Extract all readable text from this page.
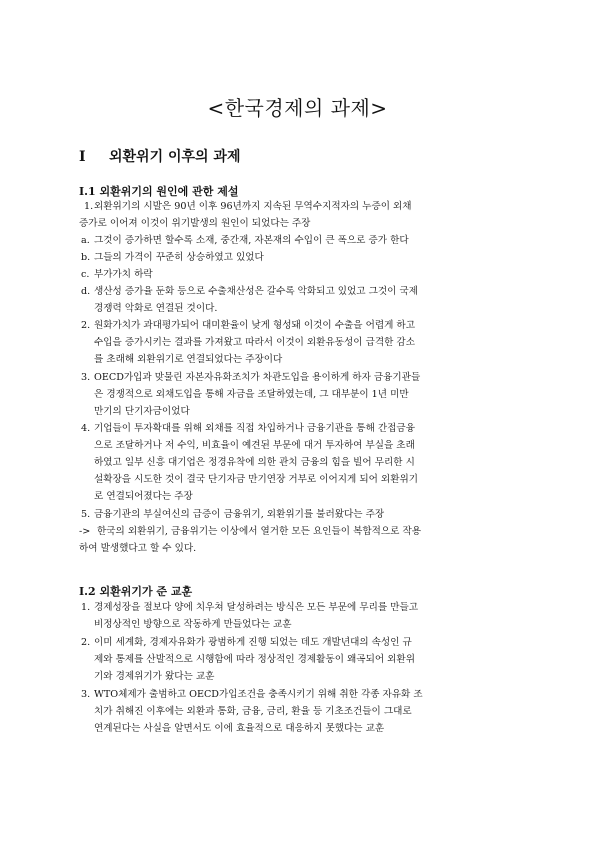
<한국경제의 과제>
Ⅰ 외환위기 이후의 과제
Ⅰ.1 외환위기의 원인에 관한 제설
1. 외환위기의 시발은 90년 이후 96년까지 지속된 무역수지적자의 누증이 외채
증가로 이어져 이것이 위기발생의 원인이 되었다는 주장
a. 그것이 증가하면 할수록 소재, 중간재, 자본재의 수입이 큰 폭으로 증가 한다
b. 그들의 가격이 꾸준히 상승하였고 있었다
c. 부가가치 하락
d. 생산성 증가율 둔화 등으로 수출채산성은 갈수록 악화되고 있었고 그것이 국제
경쟁력 악화로 연결된 것이다.
2. 원화가치가 과대평가되어 대미환율이 낮게 형성돼 이것이 수출을 어렵게 하고
수입을 증가시키는 결과를 가져왔고 따라서 이것이 외환유동성이 급격한 감소
를 초래해 외환위기로 연결되었다는 주장이다
3. OECD가입과 맞물린 자본자유화조치가 차관도입을 용이하게 하자 금융기관들
은 경쟁적으로 외채도입을 통해 자금을 조달하였는데, 그 대부분이 1년 미만
만기의 단기자금이었다
4. 기업들이 투자확대를 위해 외채를 직접 차입하거나 금융기관을 통해 간접금융
으로 조달하거나 저 수익, 비효율이 예견된 부문에 대거 투자하여 부실을 초래
하였고 일부 신흥 대기업은 정경유착에 의한 관치 금융의 힘을 빌어 무리한 시
설확장을 시도한 것이 결국 단기자금 만기연장 거부로 이어지게 되어 외환위기
로 연결되어졌다는 주장
5. 금융기관의 부실여신의 급증이 금융위기, 외환위기를 불러왔다는 주장
-> 한국의 외환위기, 금융위기는 이상에서 열거한 모든 요인들이 복합적으로 작용
하여 발생했다고 할 수 있다.
Ⅰ.2 외환위기가 준 교훈
1. 경제성장을 절보다 양에 치우쳐 달성하려는 방식은 모든 부문에 무리를 만들고
비정상적인 방향으로 작동하게 만들었다는 교훈
2. 이미 세계화, 경제자유화가 광범하게 진행 되었는 데도 개발년대의 속성인 규
제와 통제를 산발적으로 시행함에 따라 정상적인 경제활동이 왜곡되어 외환위
기와 경제위기가 왔다는 교훈
3. WTO체제가 출범하고 OECD가입조건을 충족시키기 위해 취한 각종 자유화 조
치가 취해진 이후에는 외환과 통화, 금융, 금리, 환율 등 기초조건들이 그대로
연계된다는 사실을 알면서도 이에 효율적으로 대응하지 못했다는 교훈
